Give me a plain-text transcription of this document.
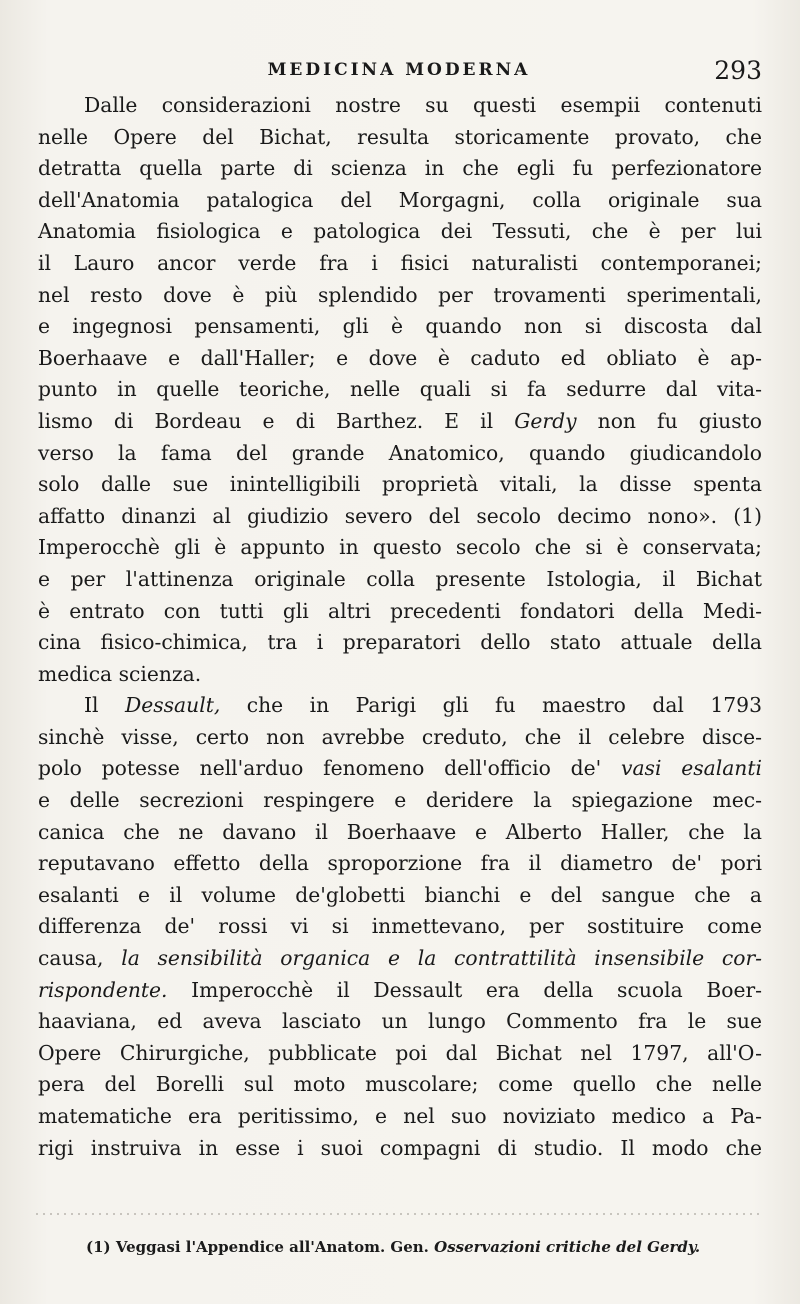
MEDICINA MODERNA	293
Dalle considerazioni nostre su questi esempii contenuti
nelle Opere del Bichat, resulta storicamente provato, che
detratta quella parte di scienza in che egli fu perfezionatore
dell'Anatomia patalogica del Morgagni, colla originale sua
Anatomia fisiologica e patologica dei Tessuti, che è per lui
il Lauro ancor verde fra i fisici naturalisti contemporanei;
nel resto dove è più splendido per trovamenti sperimentali,
e ingegnosi pensamenti, gli è quando non si discosta dal
Boerhaave e dall'Haller; e dove è caduto ed obliato è ap-
punto in quelle teoriche, nelle quali si fa sedurre dal vita-
lismo di Bordeau e di Barthez. E il Gerdy non fu giusto
verso la fama del grande Anatomico, quando giudicandolo
solo dalle sue inintelligibili proprietà vitali, la disse spenta
affatto dinanzi al giudizio severo del secolo decimo nono». (1)
Imperocchè gli è appunto in questo secolo che si è conservata;
e per l'attinenza originale colla presente Istologia, il Bichat
è entrato con tutti gli altri precedenti fondatori della Medi-
cina fisico-chimica, tra i preparatori dello stato attuale della
medica scienza.
Il Dessault, che in Parigi gli fu maestro dal 1793
sinchè visse, certo non avrebbe creduto, che il celebre disce-
polo potesse nell'arduo fenomeno dell'officio de' vasi esalanti
e delle secrezioni respingere e deridere la spiegazione mec-
canica che ne davano il Boerhaave e Alberto Haller, che la
reputavano effetto della sproporzione fra il diametro de' pori
esalanti e il volume de'globetti bianchi e del sangue che a
differenza de' rossi vi si inmettevano, per sostituire come
causa, la sensibilità organica e la contrattilità insensibile cor-
rispondente. Imperocchè il Dessault era della scuola Boer-
haaviana, ed aveva lasciato un lungo Commento fra le sue
Opere Chirurgiche, pubblicate poi dal Bichat nel 1797, all'O-
pera del Borelli sul moto muscolare; come quello che nelle
matematiche era peritissimo, e nel suo noviziato medico a Pa-
rigi instruiva in esse i suoi compagni di studio. Il modo che
(1) Veggasi l'Appendice all'Anatom. Gen. Osservazioni critiche del Gerdy.
